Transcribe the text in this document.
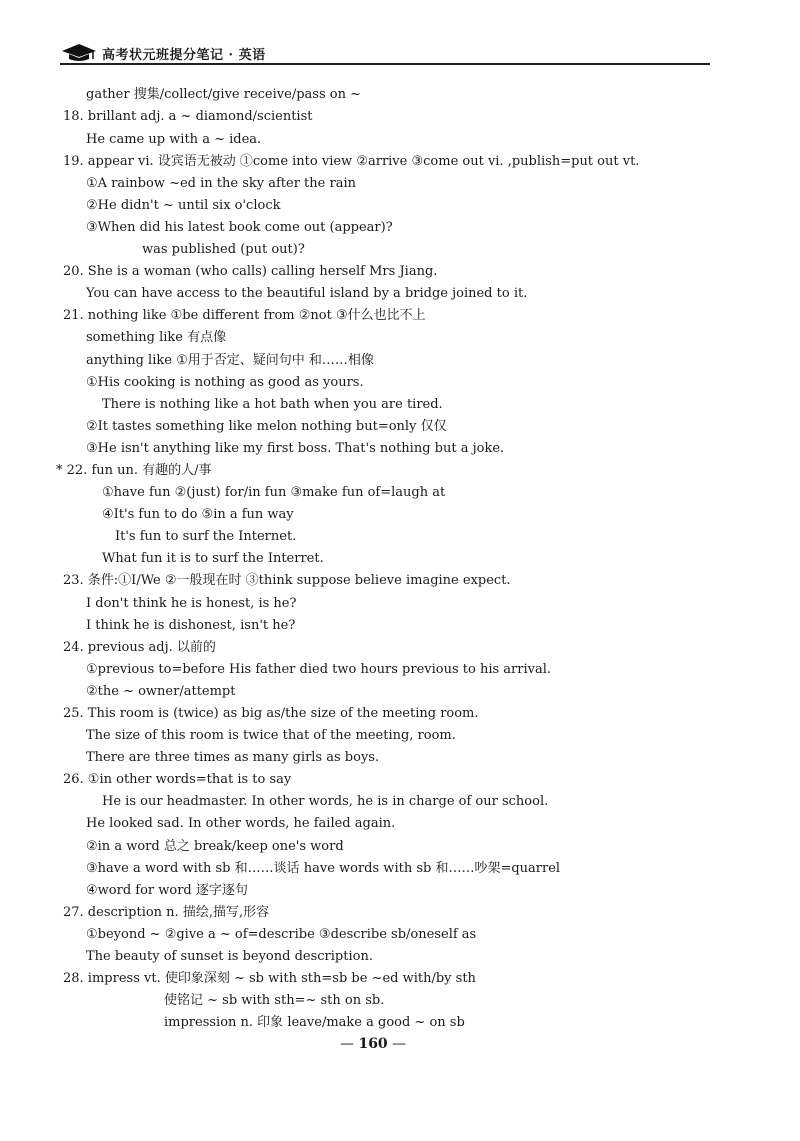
高考状元班提分笔记 · 英语
gather 搜集/collect/give receive/pass on ~
18. brillant adj. a ~ diamond/scientist
He came up with a ~ idea.
19. appear vi. 设宾语无被动 ①come into view ②arrive ③come out vi. ,publish=put out vt.
①A rainbow ~ed in the sky after the rain
②He didn't ~ until six o'clock
③When did his latest book come out (appear)?
was published (put out)?
20. She is a woman (who calls) calling herself Mrs Jiang.
You can have access to the beautiful island by a bridge joined to it.
21. nothing like ①be different from ②not ③什么也比不上
something like 有点像
anything like ①用于否定、疑问句中 和……相像
①His cooking is nothing as good as yours.
There is nothing like a hot bath when you are tired.
②It tastes something like melon nothing but=only 仅仅
③He isn't anything like my first boss. That's nothing but a joke.
* 22. fun un. 有趣的人/事
①have fun ②(just) for/in fun ③make fun of=laugh at
④It's fun to do ⑤in a fun way
It's fun to surf the Internet.
What fun it is to surf the Interret.
23. 条件:①I/We ②一般现在时 ③think suppose believe imagine expect.
I don't think he is honest, is he?
I think he is dishonest, isn't he?
24. previous adj. 以前的
①previous to=before His father died two hours previous to his arrival.
②the ~ owner/attempt
25. This room is (twice) as big as/the size of the meeting room.
The size of this room is twice that of the meeting, room.
There are three times as many girls as boys.
26. ①in other words=that is to say
He is our headmaster. In other words, he is in charge of our school.
He looked sad. In other words, he failed again.
②in a word 总之 break/keep one's word
③have a word with sb 和……谈话 have words with sb 和……吵架=quarrel
④word for word 逐字逐句
27. description n. 描绘,描写,形容
①beyond ~ ②give a ~ of=describe ③describe sb/oneself as
The beauty of sunset is beyond description.
28. impress vt. 使印象深刻 ~ sb with sth=sb be ~ed with/by sth
使铭记 ~ sb with sth=~ sth on sb.
impression n. 印象 leave/make a good ~ on sb
— 160 —
